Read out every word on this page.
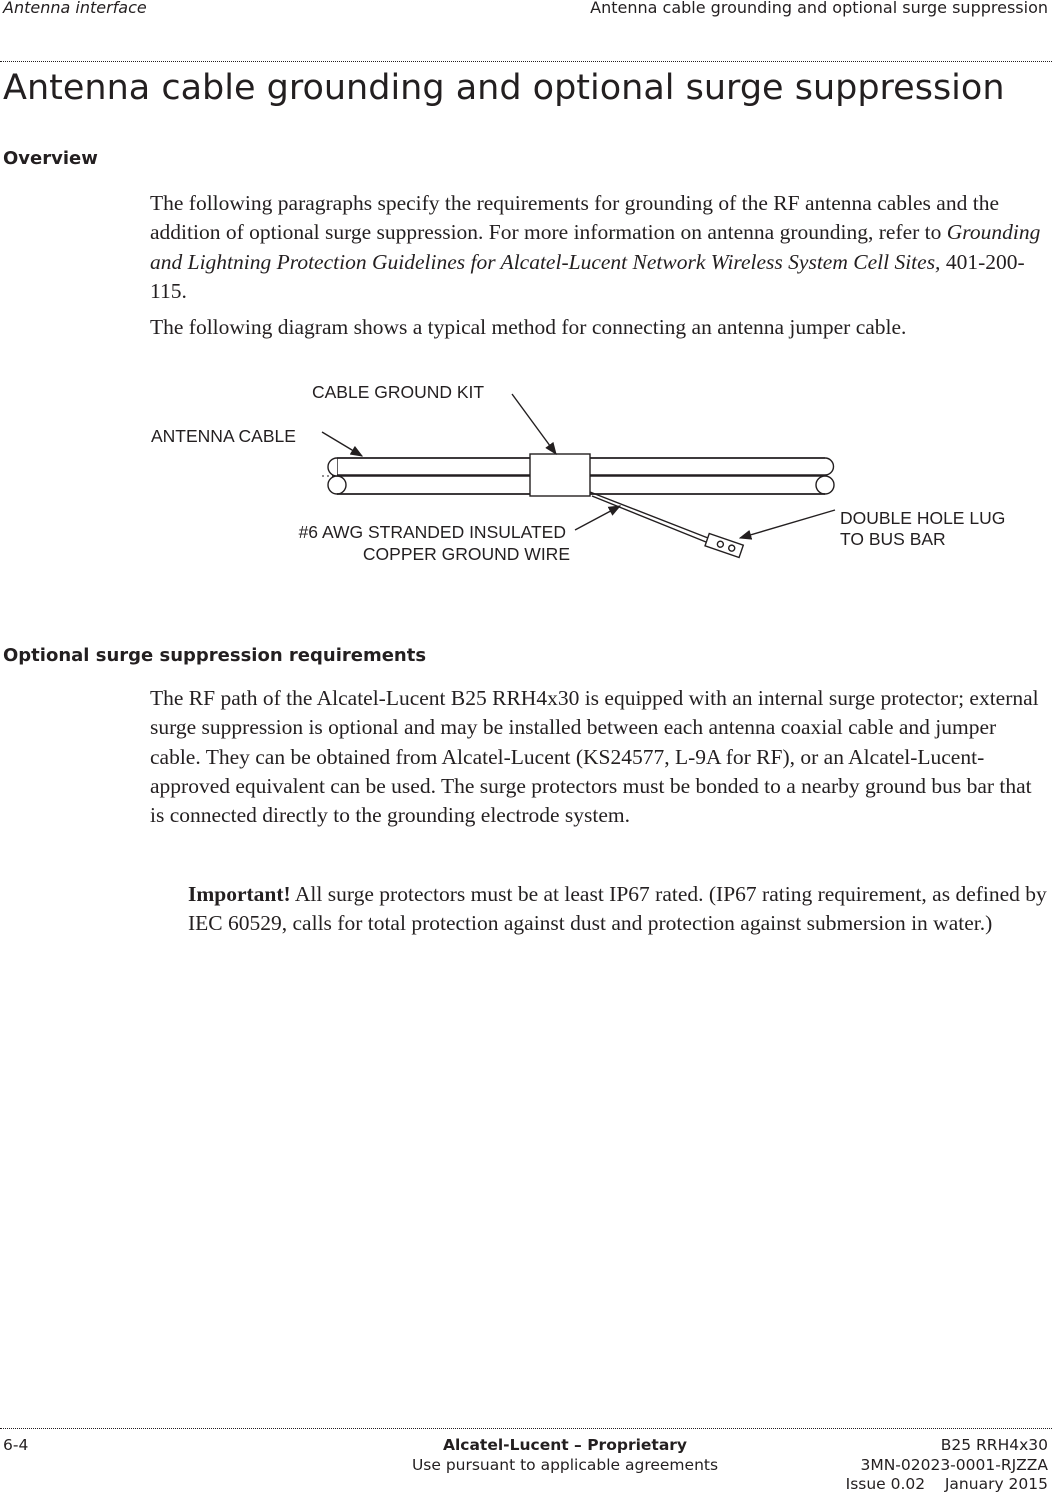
Antenna interface	Antenna cable grounding and optional surge suppression
Antenna cable grounding and optional surge suppression
Overview

The following paragraphs specify the requirements for grounding of the RF antenna cables and the addition of optional surge suppression. For more information on antenna grounding, refer to Grounding and Lightning Protection Guidelines for Alcatel-Lucent Network Wireless System Cell Sites, 401-200-115.

The following diagram shows a typical method for connecting an antenna jumper cable.

CABLE GROUND KIT
ANTENNA CABLE
#6 AWG STRANDED INSULATED
COPPER GROUND WIRE
DOUBLE HOLE LUG
TO BUS BAR
Optional surge suppression requirements
The RF path of the Alcatel-Lucent B25 RRH4x30 is equipped with an internal surge protector; external surge suppression is optional and may be installed between each antenna coaxial cable and jumper cable. They can be obtained from Alcatel-Lucent (KS24577, L-9A for RF), or an Alcatel-Lucent-approved equivalent can be used. The surge protectors must be bonded to a nearby ground bus bar that is connected directly to the grounding electrode system.
Important! All surge protectors must be at least IP67 rated. (IP67 rating requirement, as defined by IEC 60529, calls for total protection against dust and protection against submersion in water.)
6-4	Alcatel-Lucent – Proprietary
Use pursuant to applicable agreements
B25 RRH4x30
3MN-02023-0001-RJZZA
Issue 0.02    January 2015
